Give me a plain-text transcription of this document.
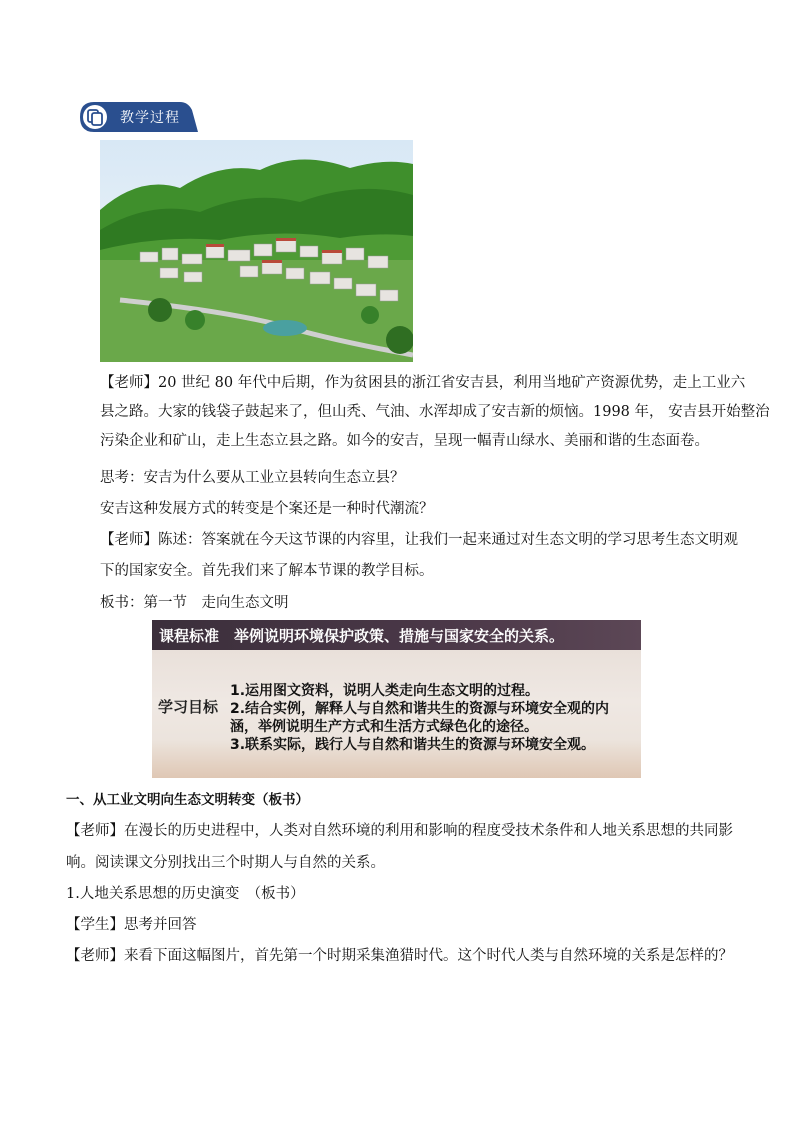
教学过程
【老师】20 世纪 80 年代中后期，作为贫困县的浙江省安吉县，利用当地矿产资源优势，走上工业六
县之路。大家的钱袋子鼓起来了，但山秃、气油、水浑却成了安吉新的烦恼。1998 年， 安吉县开始整治
污染企业和矿山，走上生态立县之路。如今的安吉，呈现一幅青山绿水、美丽和谐的生态面卷。
思考：安吉为什么要从工业立县转向生态立县？
安吉这种发展方式的转变是个案还是一种时代潮流？
【老师】陈述：答案就在今天这节课的内容里，让我们一起来通过对生态文明的学习思考生态文明观
下的国家安全。首先我们来了解本节课的教学目标。
板书：第一节　走向生态文明
课程标准　举例说明环境保护政策、措施与国家安全的关系。
学习目标
1.运用图文资料，说明人类走向生态文明的过程。
2.结合实例，解释人与自然和谐共生的资源与环境安全观的内
涵，举例说明生产方式和生活方式绿色化的途径。
3.联系实际，践行人与自然和谐共生的资源与环境安全观。
一、从工业文明向生态文明转变（板书）
【老师】在漫长的历史进程中，人类对自然环境的利用和影响的程度受技术条件和人地关系思想的共同影
响。阅读课文分别找出三个时期人与自然的关系。
1.人地关系思想的历史演变　（板书）
【学生】思考并回答
【老师】来看下面这幅图片，首先第一个时期采集渔猎时代。这个时代人类与自然环境的关系是怎样的？
